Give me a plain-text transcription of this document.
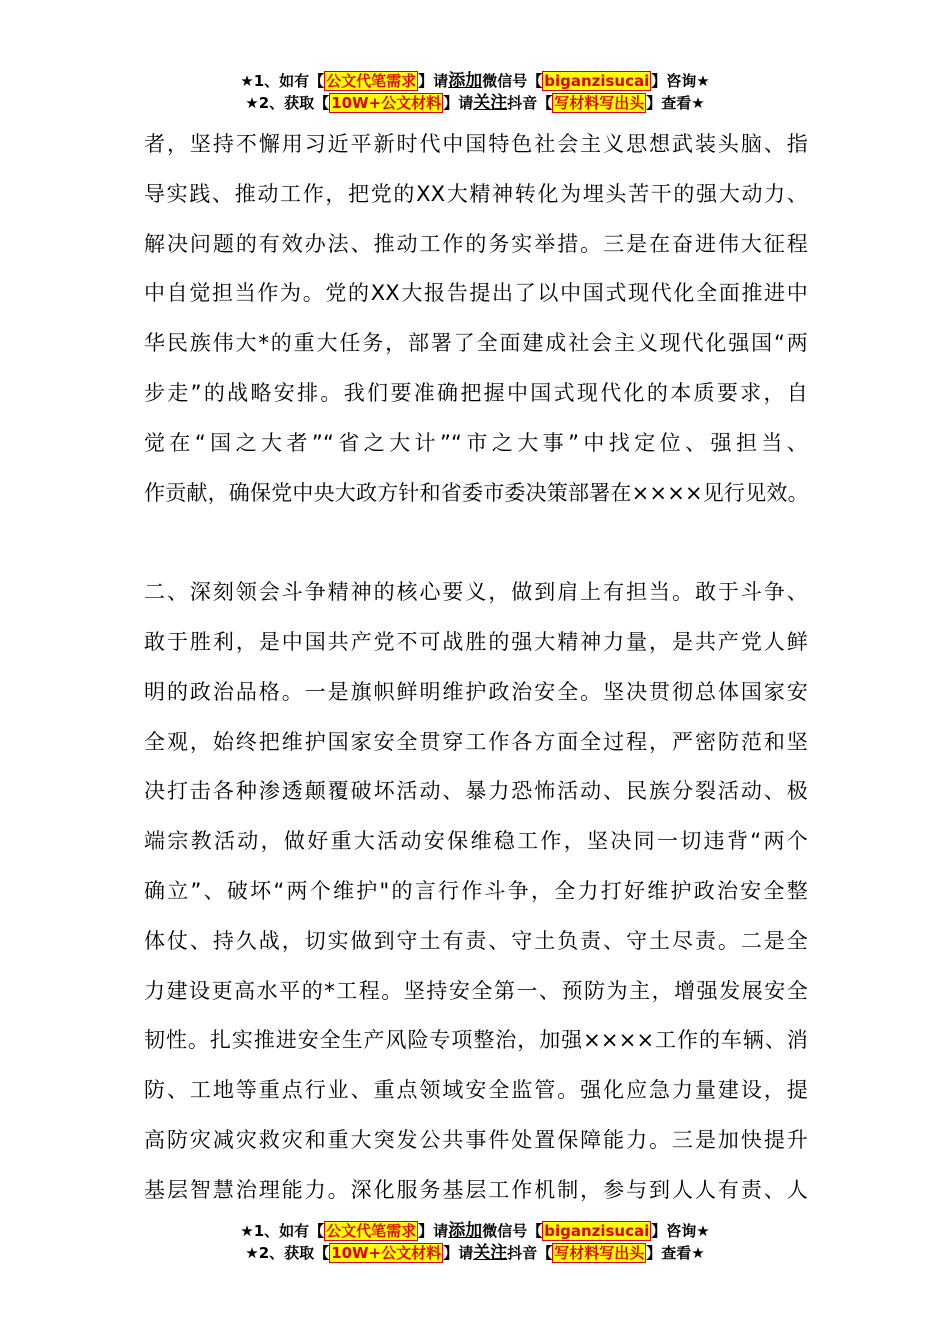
★1、如有【 公文代笔需求 】请添加微信号【 biganzisucai 】咨询★
★2、获取【 10W+公文材料 】请关注抖音【 写材料写出头 】查看★
者，坚持不懈用习近平新时代中国特色社会主义思想武装头脑、指
导实践、推动工作，把党的XX大精神转化为埋头苦干的强大动力、
解决问题的有效办法、推动工作的务实举措。三是在奋进伟大征程
中自觉担当作为。党的XX大报告提出了以中国式现代化全面推进中
华民族伟大*的重大任务，部署了全面建成社会主义现代化强国“两
步走”的战略安排。我们要准确把握中国式现代化的本质要求，自
觉在“国之大者”“省之大计”“市之大事”中找定位、强担当、
作贡献，确保党中央大政方针和省委市委决策部署在××××见行见效。
二、深刻领会斗争精神的核心要义，做到肩上有担当。敢于斗争、
敢于胜利，是中国共产党不可战胜的强大精神力量，是共产党人鲜
明的政治品格。一是旗帜鲜明维护政治安全。坚决贯彻总体国家安
全观，始终把维护国家安全贯穿工作各方面全过程，严密防范和坚
决打击各种渗透颠覆破坏活动、暴力恐怖活动、民族分裂活动、极
端宗教活动，做好重大活动安保维稳工作，坚决同一切违背“两个
确立”、破坏“两个维护"的言行作斗争，全力打好维护政治安全整
体仗、持久战，切实做到守土有责、守土负责、守土尽责。二是全
力建设更高水平的*工程。坚持安全第一、预防为主，增强发展安全
韧性。扎实推进安全生产风险专项整治，加强××××工作的车辆、消
防、工地等重点行业、重点领域安全监管。强化应急力量建设，提
高防灾减灾救灾和重大突发公共事件处置保障能力。三是加快提升
基层智慧治理能力。深化服务基层工作机制，参与到人人有责、人
★1、如有【 公文代笔需求 】请添加微信号【 biganzisucai 】咨询★
★2、获取【 10W+公文材料 】请关注抖音【 写材料写出头 】查看★
